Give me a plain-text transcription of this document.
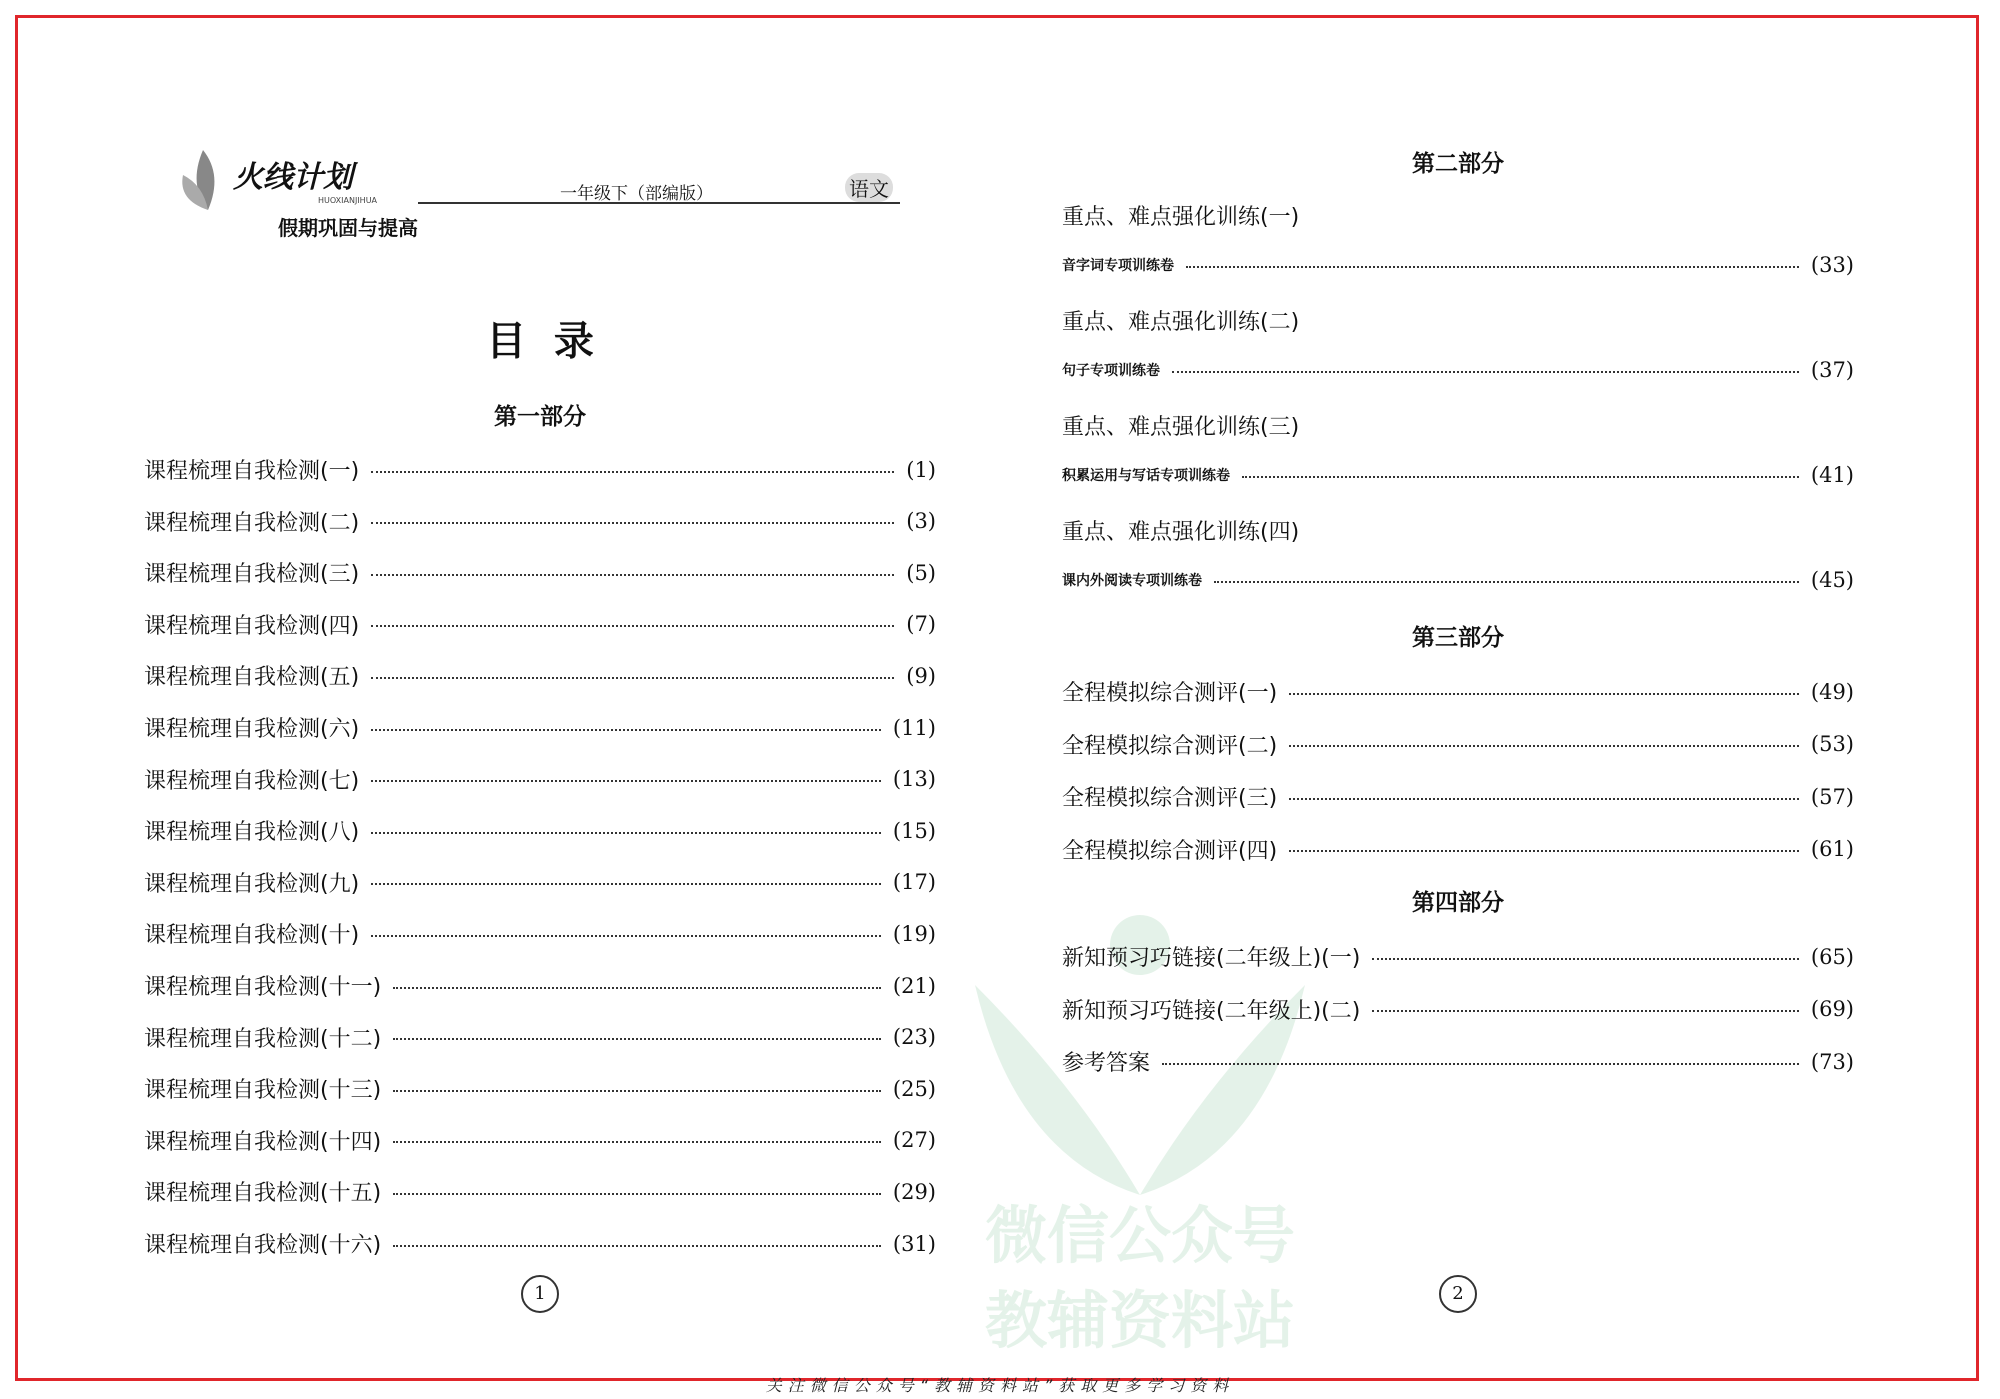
微信公众号
教辅资料站
火线计划
HUOXIANJIHUA
假期巩固与提高
一年级下（部编版）	语文
目  录
第一部分
课程梳理自我检测(一)	(1)
课程梳理自我检测(二)	(3)
课程梳理自我检测(三)	(5)
课程梳理自我检测(四)	(7)
课程梳理自我检测(五)	(9)
课程梳理自我检测(六)	(11)
课程梳理自我检测(七)	(13)
课程梳理自我检测(八)	(15)
课程梳理自我检测(九)	(17)
课程梳理自我检测(十)	(19)
课程梳理自我检测(十一)	(21)
课程梳理自我检测(十二)	(23)
课程梳理自我检测(十三)	(25)
课程梳理自我检测(十四)	(27)
课程梳理自我检测(十五)	(29)
课程梳理自我检测(十六)	(31)
第二部分
重点、难点强化训练(一)
音字词专项训练卷	(33)
重点、难点强化训练(二)
句子专项训练卷	(37)
重点、难点强化训练(三)
积累运用与写话专项训练卷	(41)
重点、难点强化训练(四)
课内外阅读专项训练卷	(45)
第三部分
全程模拟综合测评(一)	(49)
全程模拟综合测评(二)	(53)
全程模拟综合测评(三)	(57)
全程模拟综合测评(四)	(61)
第四部分
新知预习巧链接(二年级上)(一)	(65)
新知预习巧链接(二年级上)(二)	(69)
参考答案	(73)
1	2
关注微信公众号“教辅资料站”获取更多学习资料
